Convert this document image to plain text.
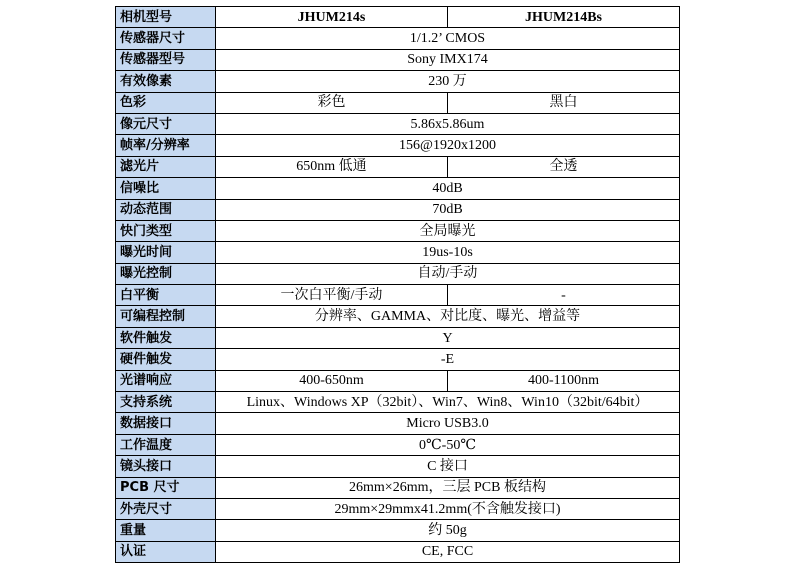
相机型号	JHUM214s	JHUM214Bs
传感器尺寸	1/1.2’ CMOS	
传感器型号	Sony IMX174	
有效像素	230 万	
色彩	彩色	黑白
像元尺寸	5.86x5.86um	
帧率/分辨率	156@1920x1200	
滤光片	650nm 低通	全透
信噪比	40dB	
动态范围	70dB	
快门类型	全局曝光	
曝光时间	19us-10s	
曝光控制	自动/手动	
白平衡	一次白平衡/手动	-
可编程控制	分辨率、GAMMA、对比度、曝光、增益等	
软件触发	Y	
硬件触发	-E	
光谱响应	400-650nm	400-1100nm
支持系统	Linux、Windows XP（32bit）、Win7、Win8、Win10（32bit/64bit）	
数据接口	Micro USB3.0	
工作温度	0℃-50℃	
镜头接口	C 接口	
PCB 尺寸	26mm×26mm，三层 PCB 板结构	
外壳尺寸	29mm×29mmx41.2mm(不含触发接口)	
重量	约 50g	
认证	CE, FCC	
